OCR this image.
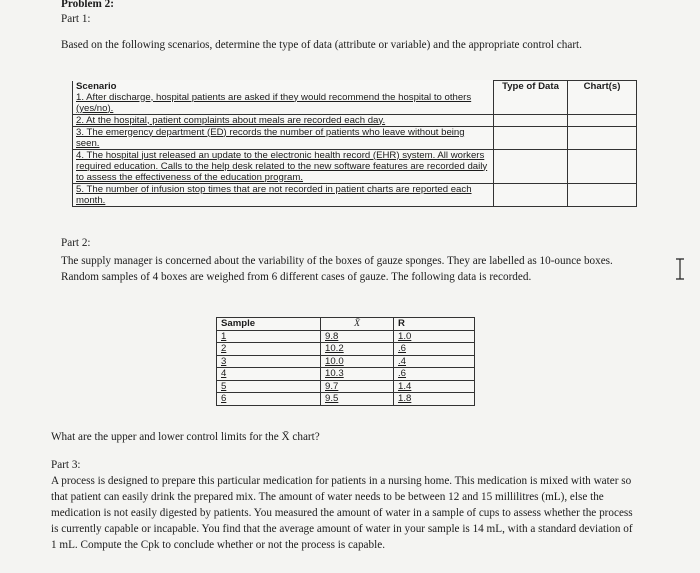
Problem 2:
Part 1:
Based on the following scenarios, determine the type of data (attribute or variable) and the appropriate control chart.
Scenario	Type of Data	Chart(s)
1. After discharge, hospital patients are asked if they would recommend the hospital to others (yes/no).		
2. At the hospital, patient complaints about meals are recorded each day.		
3. The emergency department (ED) records the number of patients who leave without being seen.		
4. The hospital just released an update to the electronic health record (EHR) system. All workers required education. Calls to the help desk related to the new software features are recorded daily to assess the effectiveness of the education program.		
5. The number of infusion stop times that are not recorded in patient charts are reported each month.		
Part 2:
The supply manager is concerned about the variability of the boxes of gauze sponges. They are labelled as 10-ounce boxes. Random samples of 4 boxes are weighed from 6 different cases of gauze. The following data is recorded.
Sample	X̄	R
1	9.8	1.0
2	10.2	.6
3	10.0	.4
4	10.3	.6
5	9.7	1.4
6	9.5	1.8
What are the upper and lower control limits for the X̄ chart?
Part 3:
A process is designed to prepare this particular medication for patients in a nursing home. This medication is mixed with water so that patient can easily drink the prepared mix. The amount of water needs to be between 12 and 15 millilitres (mL), else the medication is not easily digested by patients. You measured the amount of water in a sample of cups to assess whether the process is currently capable or incapable. You find that the average amount of water in your sample is 14 mL, with a standard deviation of 1 mL. Compute the Cpk to conclude whether or not the process is capable.
